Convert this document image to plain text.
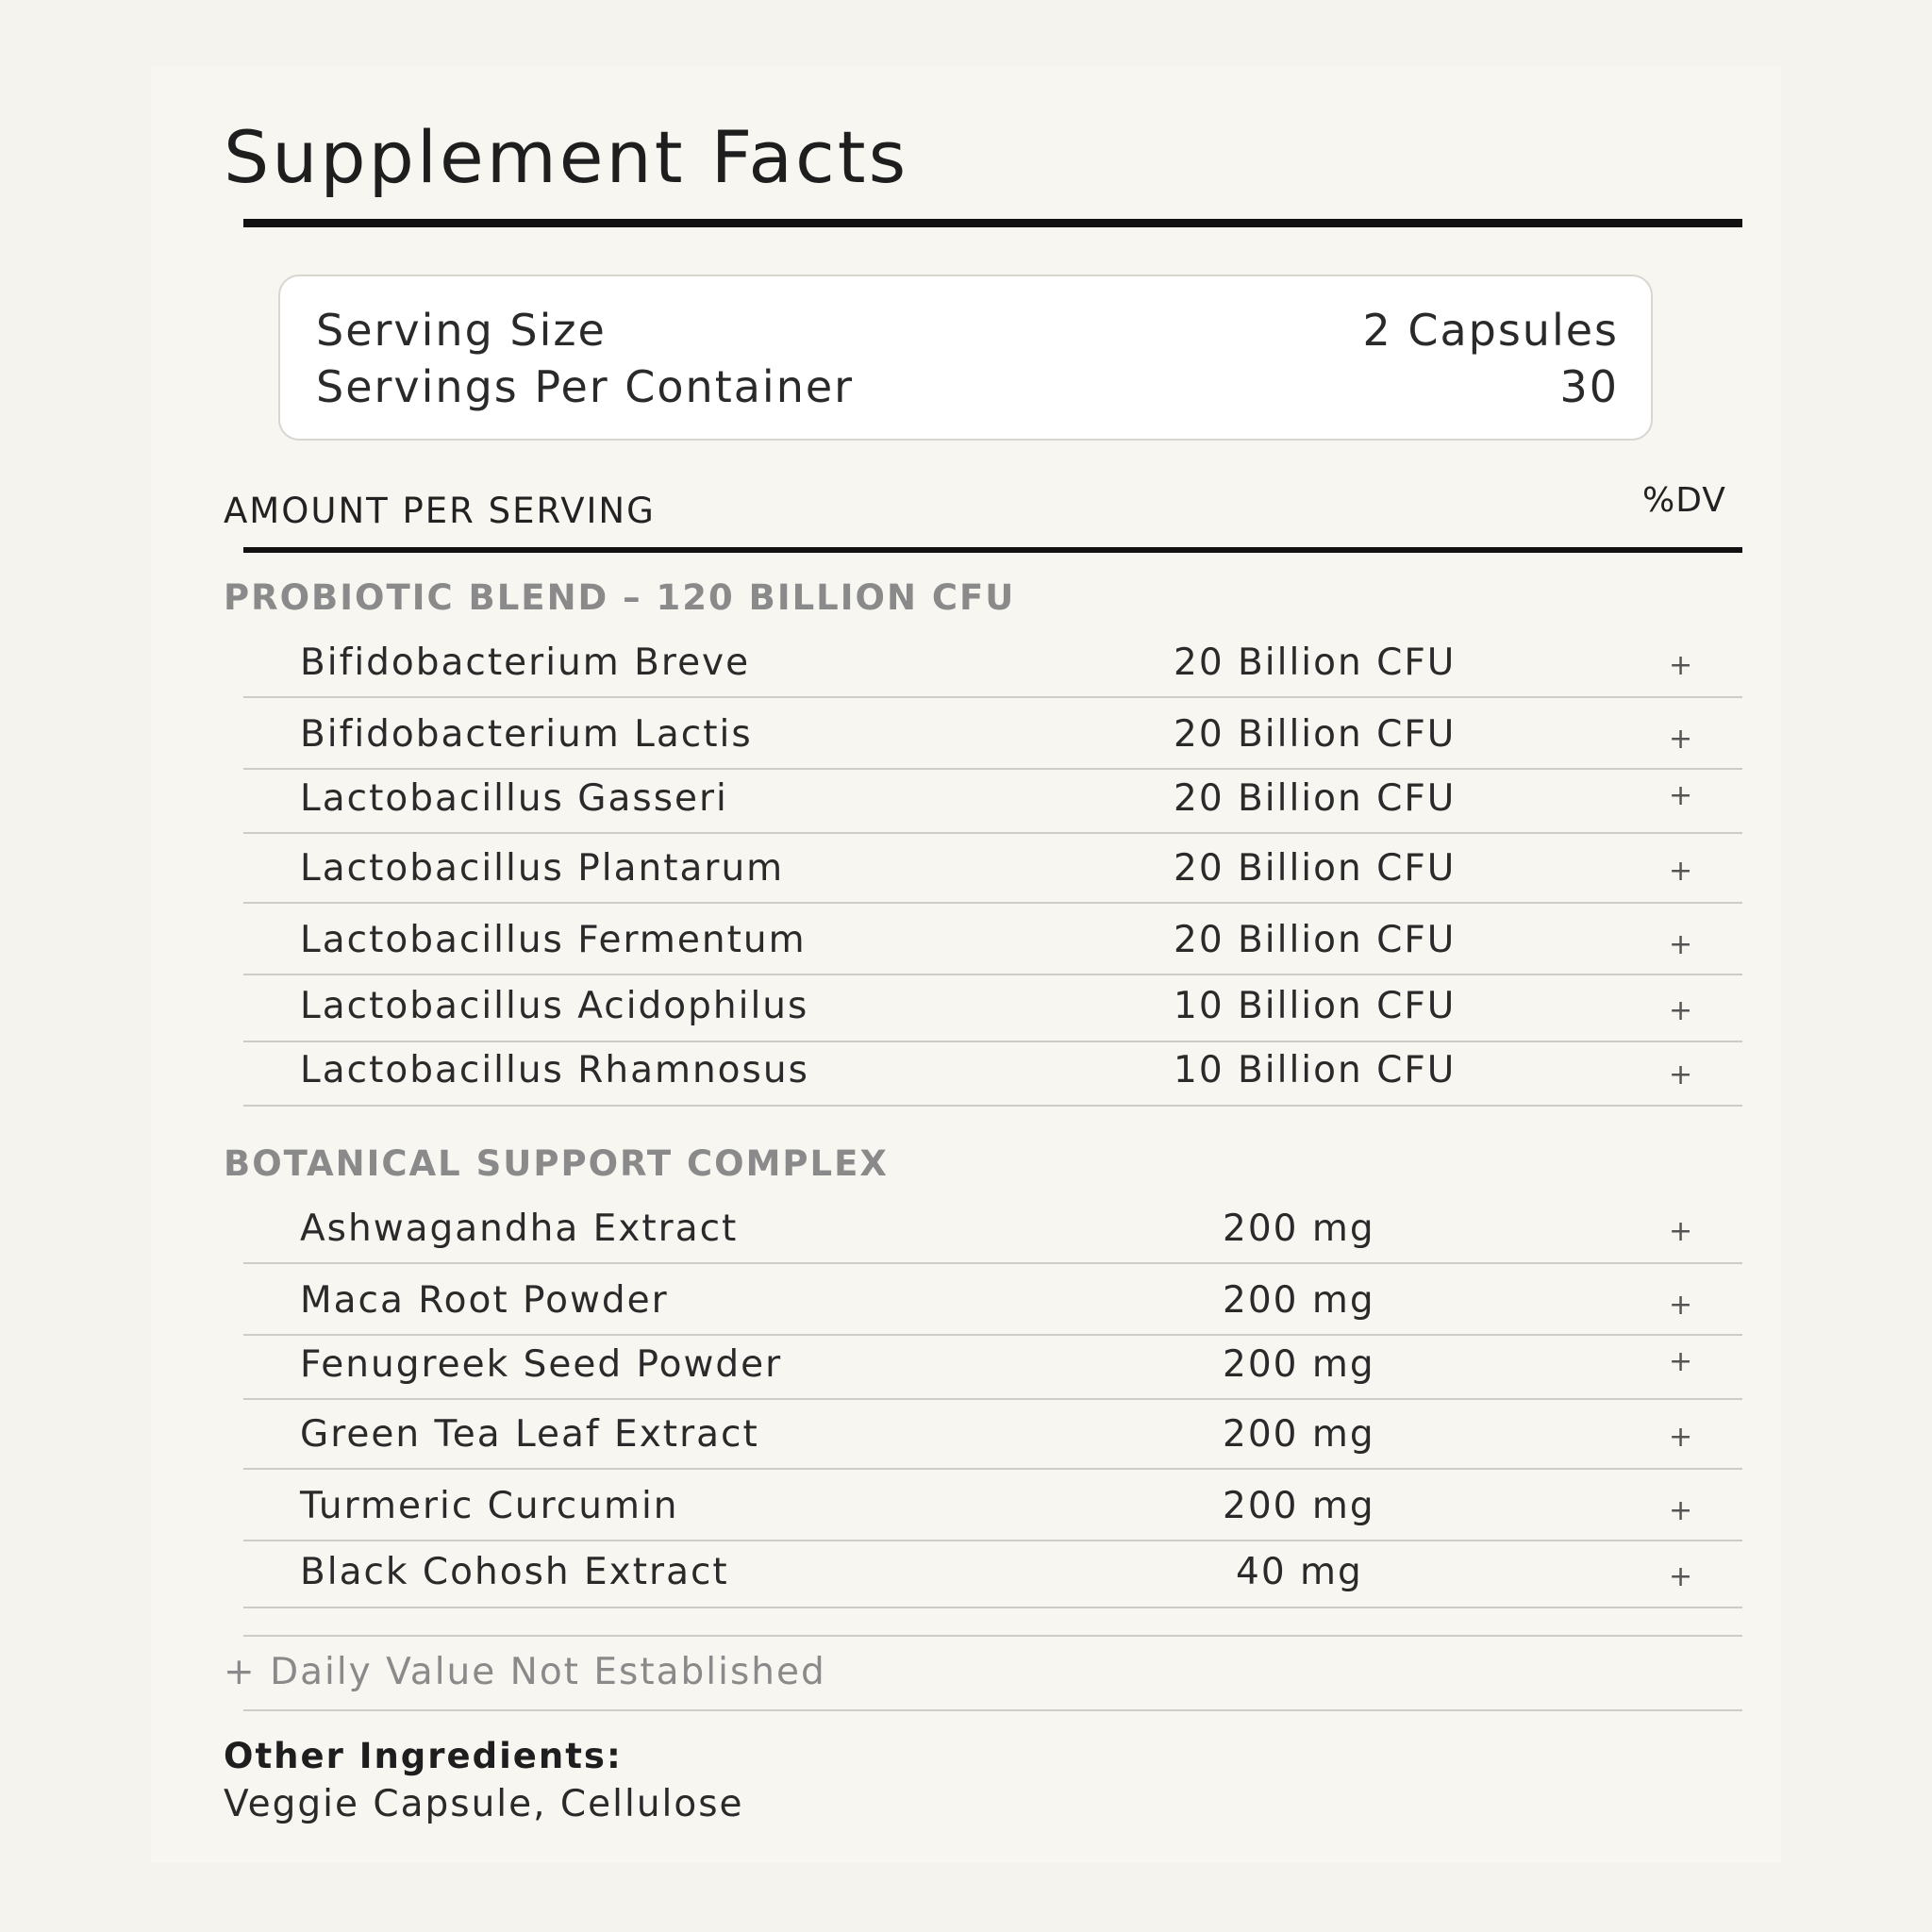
Supplement Facts
Serving Size	2 Capsules
Servings Per Container	30
AMOUNT PER SERVING	%DV
PROBIOTIC BLEND – 120 BILLION CFU
Bifidobacterium Breve	20 Billion CFU	+
Bifidobacterium Lactis	20 Billion CFU	+
Lactobacillus Gasseri	20 Billion CFU	+
Lactobacillus Plantarum	20 Billion CFU	+
Lactobacillus Fermentum	20 Billion CFU	+
Lactobacillus Acidophilus	10 Billion CFU	+
Lactobacillus Rhamnosus	10 Billion CFU	+
BOTANICAL SUPPORT COMPLEX
Ashwagandha Extract	200 mg	+
Maca Root Powder	200 mg	+
Fenugreek Seed Powder	200 mg	+
Green Tea Leaf Extract	200 mg	+
Turmeric Curcumin	200 mg	+
Black Cohosh Extract	40 mg	+
+ Daily Value Not Established
Other Ingredients:
Veggie Capsule, Cellulose
